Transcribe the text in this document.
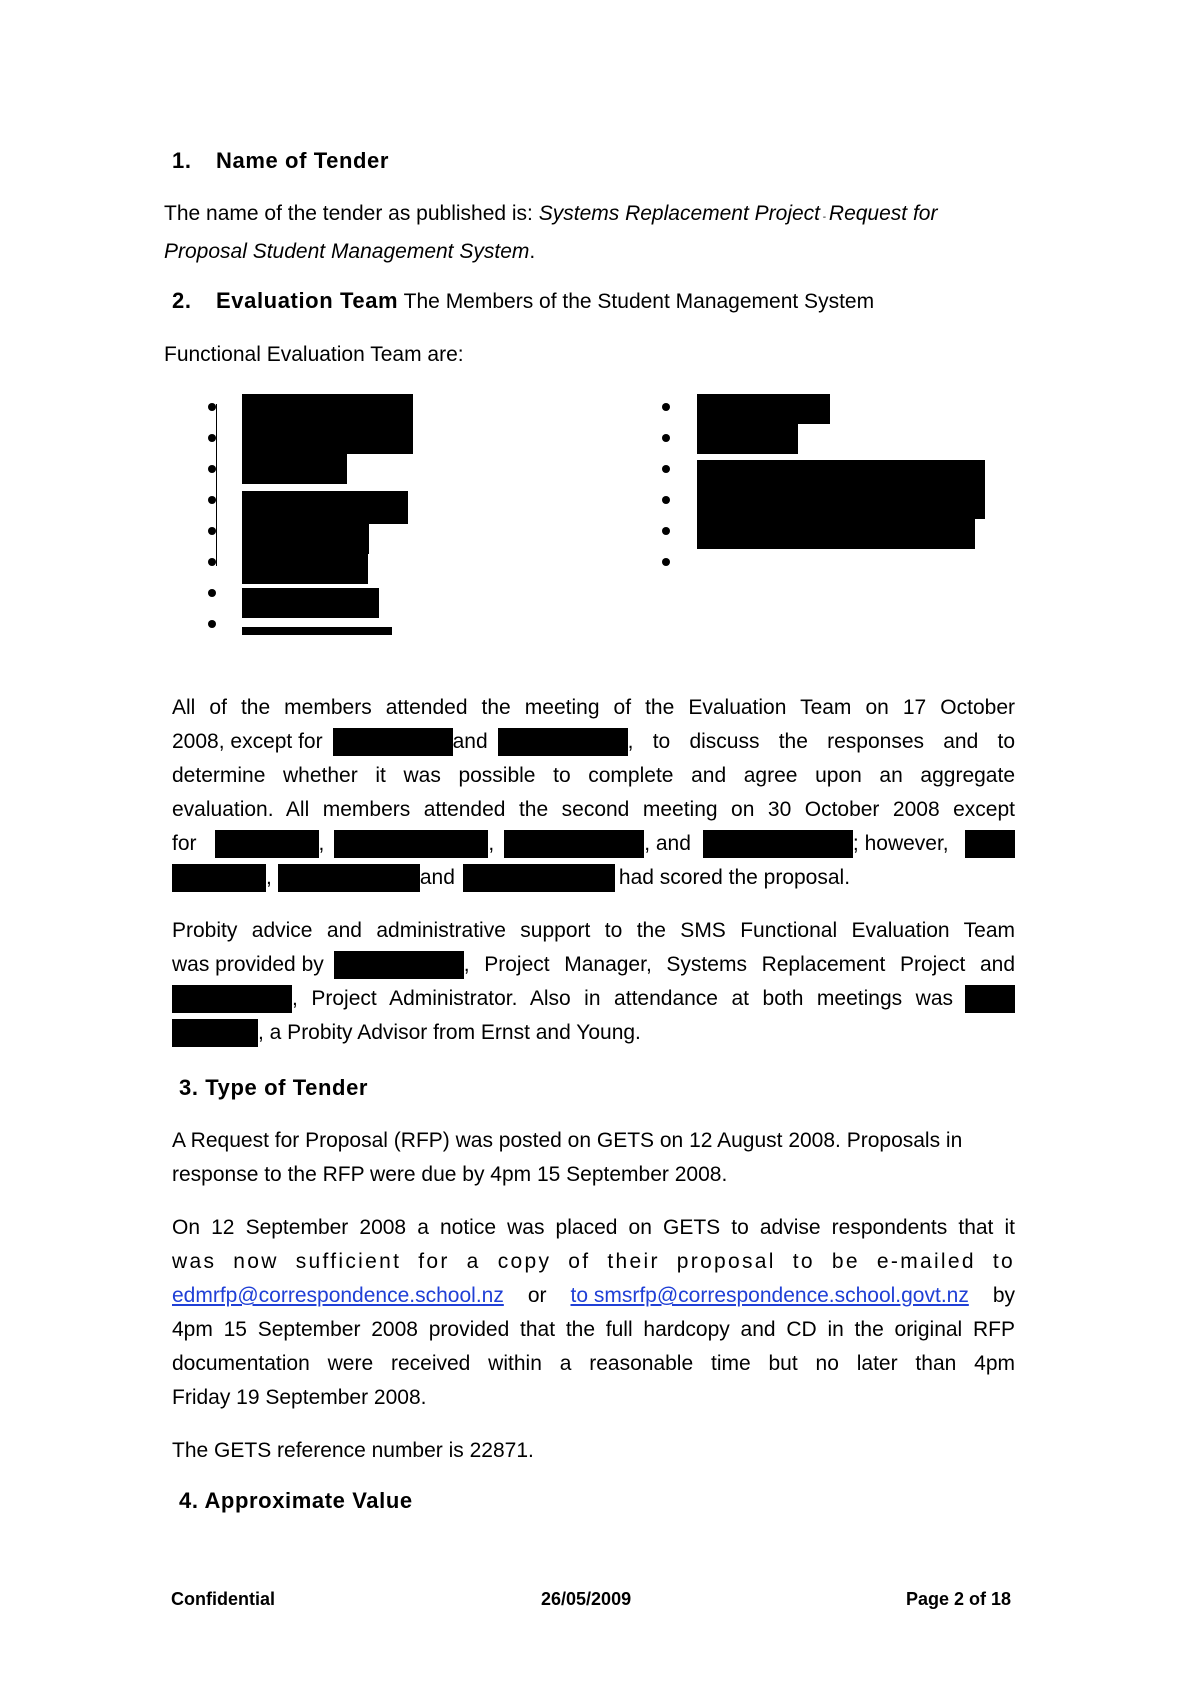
1. Name of Tender
The name of the tender as published is: Systems Replacement Project - Request for
Proposal Student Management System.
2. Evaluation Team The Members of the Student Management System
Functional Evaluation Team are:
All of the members attended the meeting of the Evaluation Team on 17 October
2008, except for	and	, to discuss the responses and to
determine whether it was possible to complete and agree upon an aggregate
evaluation. All members attended the second meeting on 30 October 2008 except
for	,	,	, and	; however,
,	and	had scored the proposal.
Probity advice and administrative support to the SMS Functional Evaluation Team
was provided by	, Project Manager, Systems Replacement Project and
, Project Administrator. Also in attendance at both meetings was
, a Probity Advisor from Ernst and Young.
3. Type of Tender
A Request for Proposal (RFP) was posted on GETS on 12 August 2008. Proposals in
response to the RFP were due by 4pm 15 September 2008.
On 12 September 2008 a notice was placed on GETS to advise respondents that it
was now sufficient for a copy of their proposal to be e-mailed to
edmrfp@correspondence.school.nz or to smsrfp@correspondence.school.govt.nz by
4pm 15 September 2008 provided that the full hardcopy and CD in the original RFP
documentation were received within a reasonable time but no later than 4pm
Friday 19 September 2008.
The GETS reference number is 22871.
4. Approximate Value
Confidential	26/05/2009	Page 2 of 18
